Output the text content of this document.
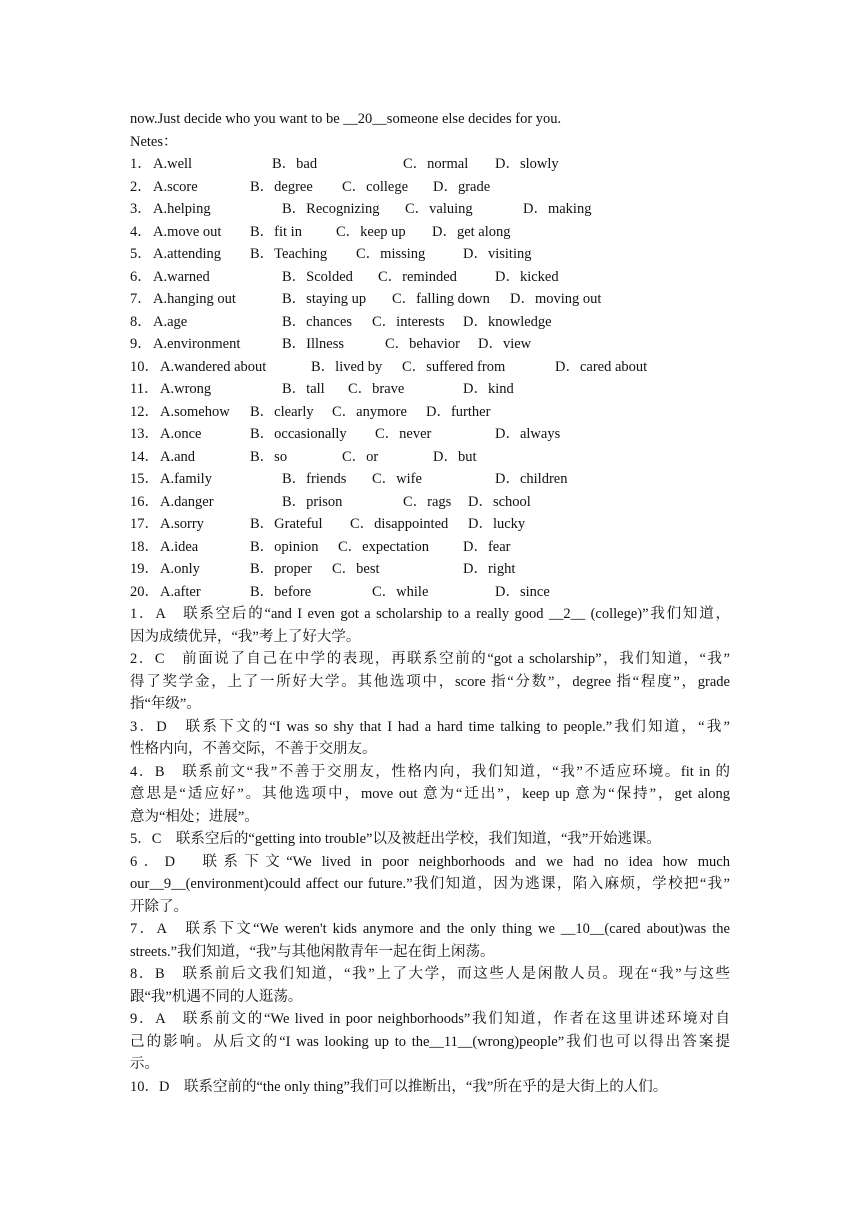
now.Just decide who you want to be __20__someone else decides for you.
Netes：
1． A.well	B．bad	C．normal D．slowly
2． A.score	B．degree C．college D．grade
3． A.helping	B．Recognizing C．valuing	D．making
4． A.move out B．fit in C．keep up D．get along
5． A.attending B．Teaching C．missing	D．visiting
6． A.warned	B．Scolded C．reminded	D．kicked
7． A.hanging out	B．staying up C．falling down D．moving out
8． A.age	B．chances C．interests D．knowledge
9． A.environment	B．Illness	C．behavior D．view
10． A.wandered about	B．lived by C．suffered from	D．cared about
11． A.wrong	B．tall C．brave	D．kind
12． A.somehow B．clearly C．anymore D．further
13． A.once	B．occasionally C．never	D．always
14． A.and	B．so	C．or	D．but
15． A.family	B．friends C．wife	D．children
16． A.danger	B．prison	C．rags D．school
17． A.sorry	B．Grateful C．disappointed D．lucky
18． A.idea	B．opinion C．expectation D．fear
19． A.only	B．proper C．best	D．right
20． A.after	B．before	C．while	D．since
1．A　联系空后的“and I even got a scholarship to a really good __2__ (college)”我们知道，
因为成绩优异，“我”考上了好大学。
2．C　前面说了自己在中学的表现，再联系空前的“got a scholarship”，我们知道，“我”
得了奖学金，上了一所好大学。其他选项中，score 指“分数”，degree 指“程度”，grade
指“年级”。
3．D　联系下文的“I was so shy that I had a hard time talking to people.”我们知道，“我”
性格内向，不善交际，不善于交朋友。
4．B　联系前文“我”不善于交朋友，性格内向，我们知道，“我”不适应环境。fit in 的
意思是“适应好”。其他选项中，move out 意为“迁出”，keep up 意为“保持”，get along
意为“相处；进展”。
5．C　联系空后的“getting into trouble”以及被赶出学校，我们知道，“我”开始逃课。
6．D　联系下文“We lived in poor neighborhoods and we had no idea how much
our__9__(environment)could affect our future.”我们知道，因为逃课，陷入麻烦，学校把“我”
开除了。
7．A　联系下文“We weren't kids anymore and the only thing we __10__(cared about)was the
streets.”我们知道，“我”与其他闲散青年一起在街上闲荡。
8．B　联系前后文我们知道，“我”上了大学，而这些人是闲散人员。现在“我”与这些
跟“我”机遇不同的人逛荡。
9．A　联系前文的“We lived in poor neighborhoods”我们知道，作者在这里讲述环境对自
己的影响。从后文的“I was looking up to the__11__(wrong)people”我们也可以得出答案提
示。
10．D　联系空前的“the only thing”我们可以推断出，“我”所在乎的是大街上的人们。
